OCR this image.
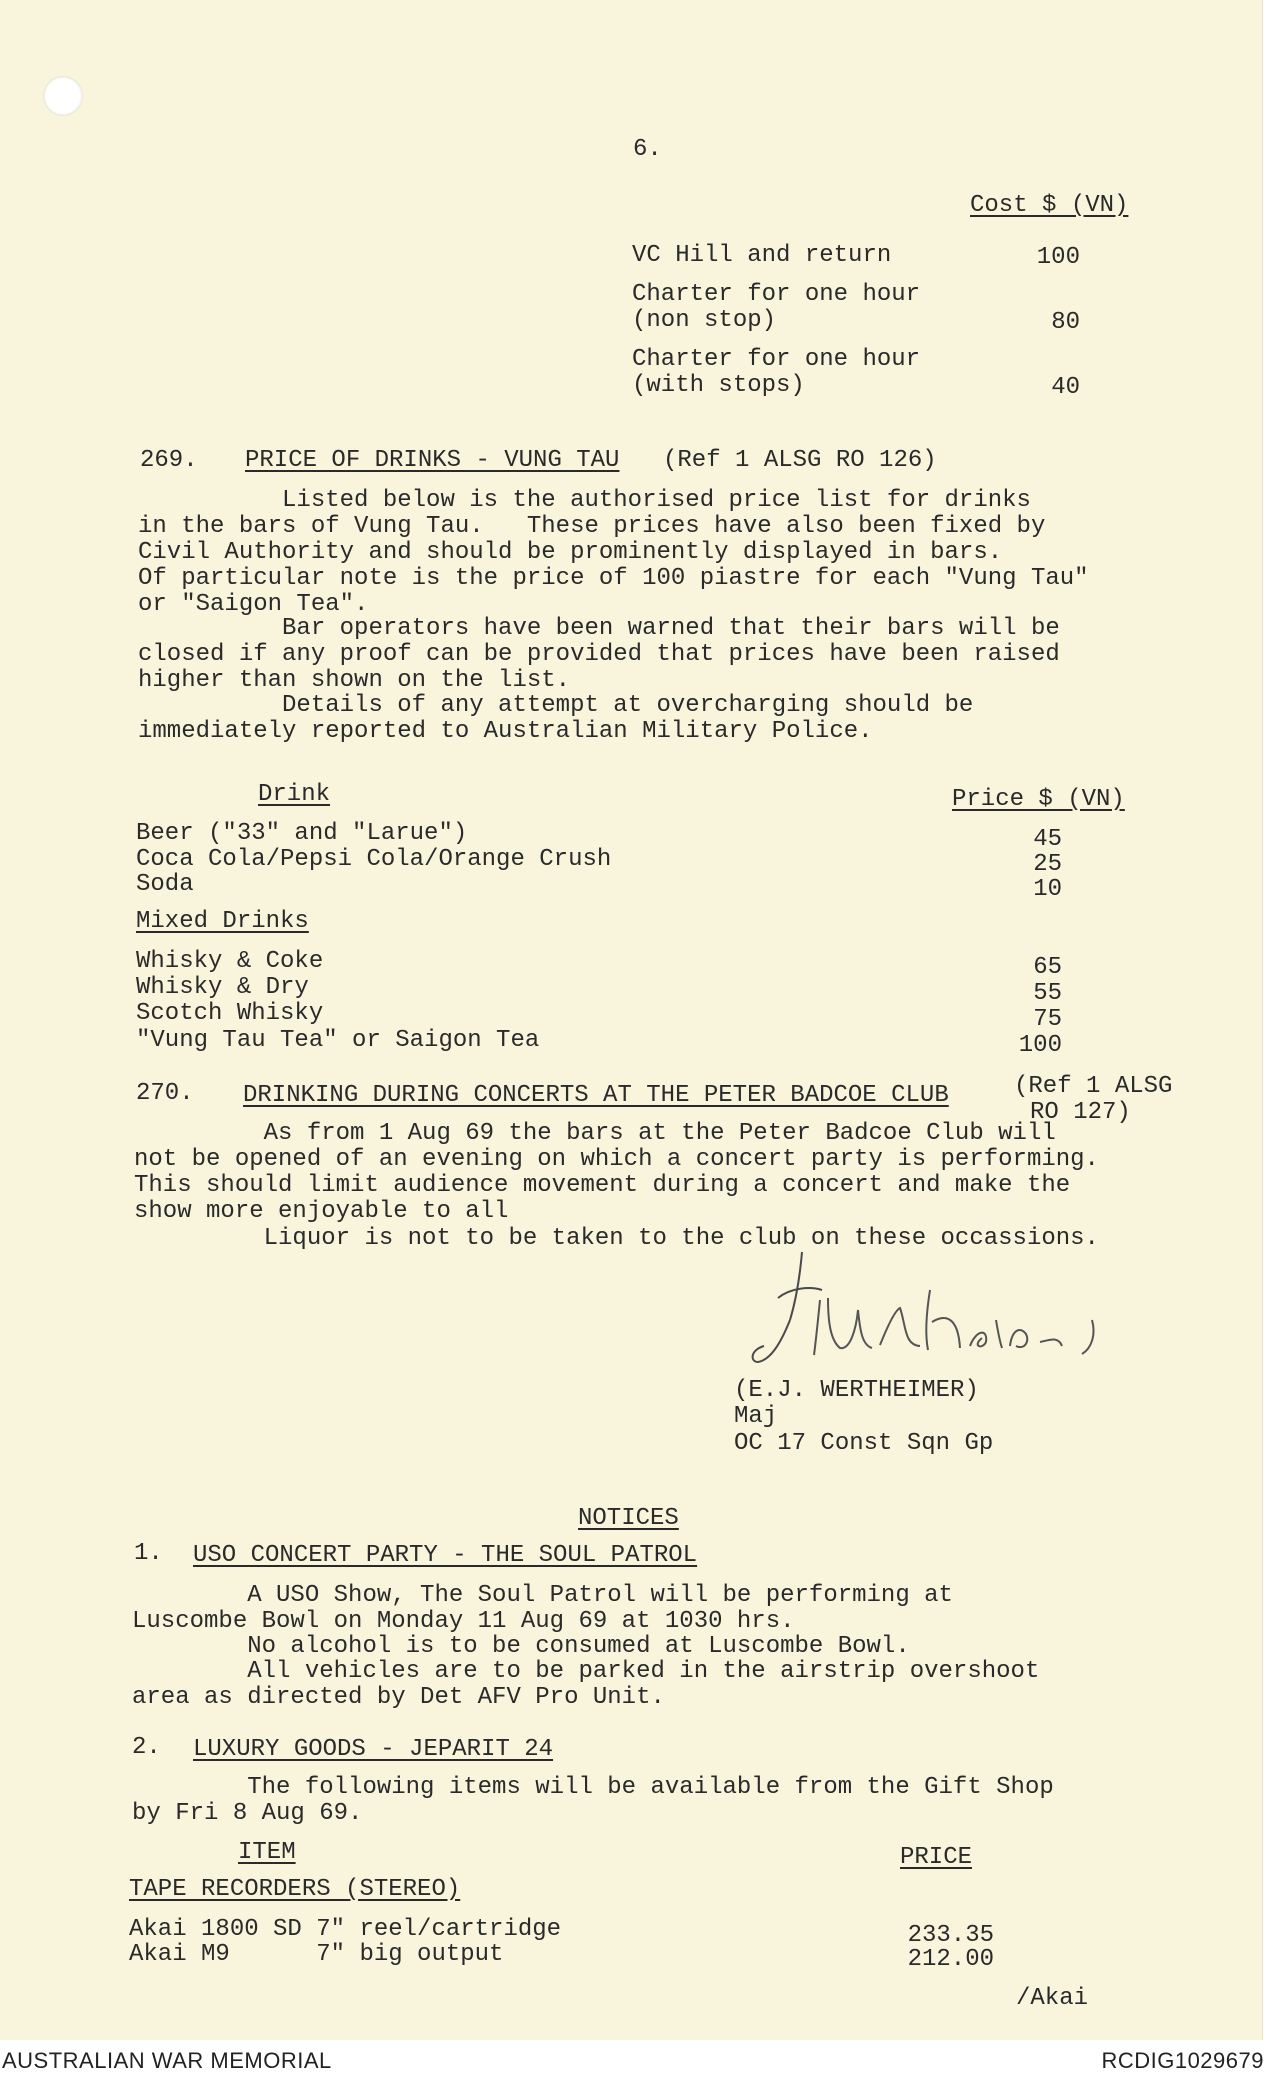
6.
Cost $ (VN)
VC Hill and return	100
Charter for one hour
(non stop)	80
Charter for one hour
(with stops)	40
269. PRICE OF DRINKS - VUNG TAU (Ref 1 ALSG RO 126)
Listed below is the authorised price list for drinks
in the bars of Vung Tau.   These prices have also been fixed by
Civil Authority and should be prominently displayed in bars.
Of particular note is the price of 100 piastre for each "Vung Tau"
or "Saigon Tea".
Bar operators have been warned that their bars will be
closed if any proof can be provided that prices have been raised
higher than shown on the list.
Details of any attempt at overcharging should be
immediately reported to Australian Military Police.
Drink	Price $ (VN)
Beer ("33" and "Larue")	45
Coca Cola/Pepsi Cola/Orange Crush	25
Soda	10
Mixed Drinks
Whisky & Coke	65
Whisky & Dry	55
Scotch Whisky	75
"Vung Tau Tea" or Saigon Tea	100
270. DRINKING DURING CONCERTS AT THE PETER BADCOE CLUB	(Ref 1 ALSG
RO 127)
As from 1 Aug 69 the bars at the Peter Badcoe Club will
not be opened of an evening on which a concert party is performing.
This should limit audience movement during a concert and make the
show more enjoyable to all
Liquor is not to be taken to the club on these occassions.
(E.J. WERTHEIMER)
Maj
OC 17 Const Sqn Gp
NOTICES
1. USO CONCERT PARTY - THE SOUL PATROL
A USO Show, The Soul Patrol will be performing at
Luscombe Bowl on Monday 11 Aug 69 at 1030 hrs.
No alcohol is to be consumed at Luscombe Bowl.
All vehicles are to be parked in the airstrip overshoot
area as directed by Det AFV Pro Unit.
2. LUXURY GOODS - JEPARIT 24
The following items will be available from the Gift Shop
by Fri 8 Aug 69.
ITEM	PRICE
TAPE RECORDERS (STEREO)
Akai 1800 SD 7" reel/cartridge	233.35
Akai M9      7" big output	212.00
/Akai
AUSTRALIAN WAR MEMORIAL	RCDIG1029679
